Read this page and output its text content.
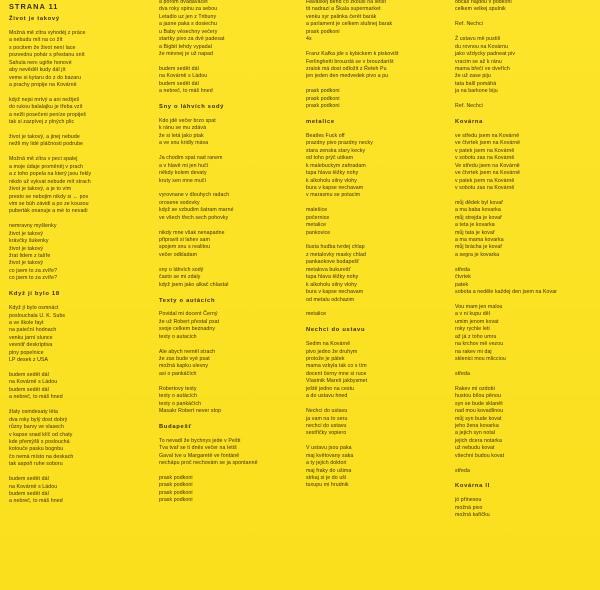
STRANA 11
Život je takový
Možná mě zítra vyhodéj z práce
a nebudu mít na co žít
s pocitem že život není lace
pozvednu pohár s přestanu snít
Sahula nenı ugiňe honové
aby nevěděl kudy dál jít
veme si kytaru do z do bazaru
a prachy propije na Kovárně
když nejsi mrtvý a ani nežiješ
do rukou balalajku je třeba vzít
a nežli posečeni peníze propiješ
tak si zazpívej z plných plic
život je takový, a jinej nebude
nežli my lidé pláčnosti podrube
Možná mě zítra v peci spalej
a moje údaje proměněj v prach
a z toho popela na který jsou řekly
nikdo už vykvat nebude mít strach
život je takový, a je to vím
presto se nebojim nikdy si ← pov
vim se bùh závidi a po ze kousou
pubertàk onanuje a mè to nevadi
nemravny myšlenky
život je takový
krávčky šukenky
život je takový
žrat lidem z talíře
život je takový
co jsem to za zvíře?
co jsem to za zvíře?
Když jí bylo 18
Když jí bylo osmnáct
poslouchala U. K. Subs
a ve škole fayt
na pateční hodnach
venku jarní slunce
vevnitř deskriptiva
plny popelnice
LP desek z USA
budem sedět dál
na Kovárně s Ládou
budem sedět dál
a nebreč, to máš hned
žlaty osmdesaty léta
dva roky bylý dost dobrý
různy barvy ve vlasech
v kapse snad klíč od chaty
kde přemýšli s poslouchá
kotouče pasku bognbu
čo nemá místo na deskach
tak aspoň ruhe soboru
budem sedět dál
na Kovárně s Ládou
budem sedět dál
a nebreč, to máš hned
a porom dvadavacet
dva roky spinu za sebou
Letadlo uz jen z Tribuny
a jasne paka s dosiechu
u Baby věsechny večery
startky pivo za dvě padesat
a Bigbit tehdy vypadal
že mèvnej je už napad
budem sedět dál
na Kovárně s Ládou
budem sedět dál
a nebreč, to máš hned
Sny o láhvích sodý
Kdo jdě večer brzo spat
k ránu se mu zdává
že si letá jako ptak
a ve snu kridly máva
Ja chodim spat nad ranem
a v hlavě mi jen hučí
někdy kolem devaty
kruty sen mne mučí
vyrovnane v dlouhych radach
orosene sodovky
když se vzbudim šatram marné
ve všech třech sech pohovky
nikdy mne však nenapadne
připravit si lahev sam
spojem snu s realitou
večer odkladam
sny o láhvích sodý
často se mi zdaly
když jsem jako alkač chlastal
Texty o autácích
Povidal mi docent Černý
že už Robert přestal psat
svoje celkem beznadny
texty o autacich
Ale abych neměl strach
že zas bude vyé psat
možná kapku ulevny
asi o pankáčích
Robertovy texty
texty o autácích
texty o pankáčích
Masakr Robert never stop
Budapešť
To nevadí že bychnys jede v Pešti
Tva tvař se ti dněs večer na letiš
Gaval tve u Margaretě ve fontáně
nechápu proč nechovám se ja spontanně
prask podkoni
prask podkoni
prask podkoni
prask podkoni
Havaskej bend co zkouši na letišt
tit nadrazi a Škala supermarket
venku syr palinka čerět barák
a parlament je celkem slušnej barak
prask podkoni
4x
Franz Kafka jde s kybickem k piskovišt
Ferlinghetti brouzdá se v brouzdarišt
zralok má dost odložit z Řeteh Pu
jen jeden den medvedek pivo a pu
prask podkoni
prask podkoni
prask podkoni
metalice
Beatles Fuck off
prazdny pivo prazdny necky
stara zenska stary kecky
od toho prýč utikam
k malebuckym zahradam
tupa hlava těžky nohy
k alkoholu silny vlohy
bura v kapse nechavam
v marasmu se potacim
malešice
počernice
metalice
pankovice
tlusta hudba tvrdej chlap
z metalovky masky chlad
pankaokove budapešť
metalova bukurešť
tupa hlava těžky nohy
k alkoholu silny vlohy
bura v kapse nechavam
od metalu odchazim
metalice
Nechci do ustavu
Sedim na Kovárně
pivo jedno že druhym
protože je pátek
mama vzkyla tak co s tím
docent černy mne si ruce
Vlastnik Mareš jakbysmet
ještě jedno na cestu
a do ustavu hned
Nechci do ustavu
ja vam na to seru
nechci do ustavu
sestřičky vopiero
V ustavu jsou paka
maj květovany saka
a ty jejich doktori
maj fraky do ušima
strkaj si je do uši
tuxupu mi hrudnik
občas najdou v podkoni
celkem velkej spulnik
Ref. Nechci
Ž ustavu mě pustili
du rovnou na Kovárnu
jako vždycky padneat piv
vracim se až k ránu
mama břečí ve dveřích
že už zase piju
tata balil pomáhá
ja na barkone biju
Ref. Nechci
Kovárna
ve středu jsem na Kovárně
ve čtvrtek jsem na Kovárně
v patek jsem na Kovárně
v sobotu zas na Kovárně
Ve středu jsem na Kovárně
ve čtvrtek jsem na Kovárně
v patek jsem na Kovárně
v sobotu zas na Kovárně
můj dědek byl kovař
a ma baba kovarka
můj strejda je kovař
a teta je kovarka
můj tata je kovař
a ma mama kovarka
můj brácha je kovař
a segra je kovarka
středa
čtvrtek
patek
sobota a neděle každej den jsem na Kovar
Vou mam jen malou
a v ni kupu děl
umim jenom kovat
roky rychle leti
až já z toho umru
na krchov mě vezou
na rakev mi daj
sklenici mou mlicciou
středa
Rakev mi ozdobi
hustou bílou pěnou
syn se bude sklanět
nad mou kovadlinou
můj syn bude kovat
jeho žena kovarka
a jejich syn notal
jejich dcera notarka
už nebudu kovat
všechni budou kovat
středa
Kovárna II
jó přinesou
možná pivo
možná kafíčku
